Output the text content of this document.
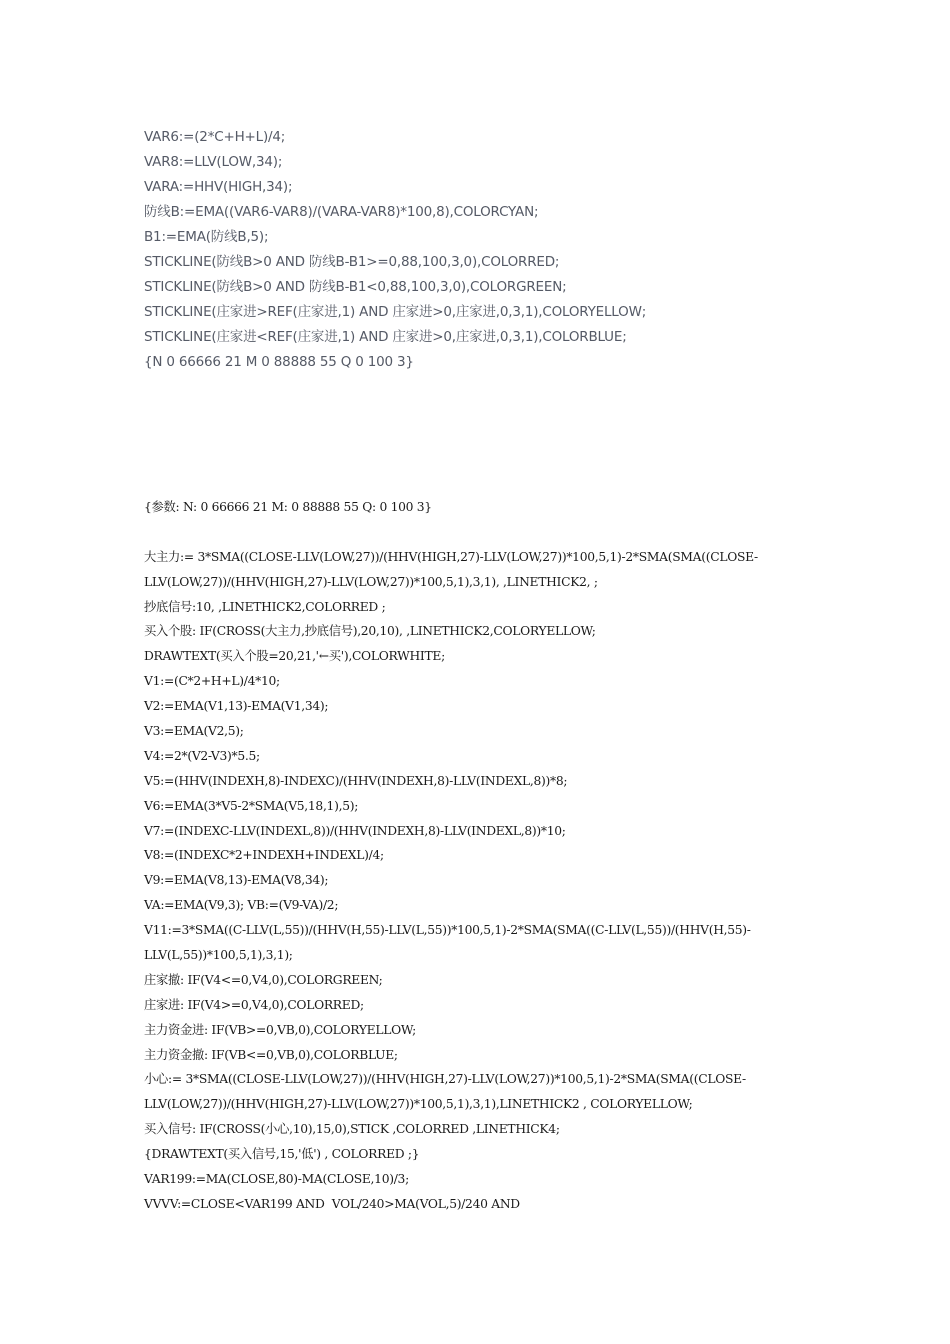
VAR6:=(2*C+H+L)/4;
VAR8:=LLV(LOW,34);
VARA:=HHV(HIGH,34);
防线B:=EMA((VAR6-VAR8)/(VARA-VAR8)*100,8),COLORCYAN;
B1:=EMA(防线B,5);
STICKLINE(防线B>0 AND 防线B-B1>=0,88,100,3,0),COLORRED;
STICKLINE(防线B>0 AND 防线B-B1<0,88,100,3,0),COLORGREEN;
STICKLINE(庄家进>REF(庄家进,1) AND 庄家进>0,庄家进,0,3,1),COLORYELLOW;
STICKLINE(庄家进<REF(庄家进,1) AND 庄家进>0,庄家进,0,3,1),COLORBLUE;
{N 0 66666 21 M 0 88888 55 Q 0 100 3}
{参数: N: 0 66666 21 M: 0 88888 55 Q: 0 100 3}
大主力:= 3*SMA((CLOSE-LLV(LOW,27))/(HHV(HIGH,27)-LLV(LOW,27))*100,5,1)-2*SMA(SMA((CLOSE-
LLV(LOW,27))/(HHV(HIGH,27)-LLV(LOW,27))*100,5,1),3,1), ,LINETHICK2, ;
抄底信号:10, ,LINETHICK2,COLORRED ;
买入个股: IF(CROSS(大主力,抄底信号),20,10), ,LINETHICK2,COLORYELLOW;
DRAWTEXT(买入个股=20,21,'←买'),COLORWHITE;
V1:=(C*2+H+L)/4*10;
V2:=EMA(V1,13)-EMA(V1,34);
V3:=EMA(V2,5);
V4:=2*(V2-V3)*5.5;
V5:=(HHV(INDEXH,8)-INDEXC)/(HHV(INDEXH,8)-LLV(INDEXL,8))*8;
V6:=EMA(3*V5-2*SMA(V5,18,1),5);
V7:=(INDEXC-LLV(INDEXL,8))/(HHV(INDEXH,8)-LLV(INDEXL,8))*10;
V8:=(INDEXC*2+INDEXH+INDEXL)/4;
V9:=EMA(V8,13)-EMA(V8,34);
VA:=EMA(V9,3); VB:=(V9-VA)/2;
V11:=3*SMA((C-LLV(L,55))/(HHV(H,55)-LLV(L,55))*100,5,1)-2*SMA(SMA((C-LLV(L,55))/(HHV(H,55)-
LLV(L,55))*100,5,1),3,1);
庄家撤: IF(V4<=0,V4,0),COLORGREEN;
庄家进: IF(V4>=0,V4,0),COLORRED;
主力资金进: IF(VB>=0,VB,0),COLORYELLOW;
主力资金撤: IF(VB<=0,VB,0),COLORBLUE;
小心:= 3*SMA((CLOSE-LLV(LOW,27))/(HHV(HIGH,27)-LLV(LOW,27))*100,5,1)-2*SMA(SMA((CLOSE-
LLV(LOW,27))/(HHV(HIGH,27)-LLV(LOW,27))*100,5,1),3,1),LINETHICK2 , COLORYELLOW;
买入信号: IF(CROSS(小心,10),15,0),STICK ,COLORRED ,LINETHICK4;
{DRAWTEXT(买入信号,15,'低') , COLORRED ;}
VAR199:=MA(CLOSE,80)-MA(CLOSE,10)/3;
VVVV:=CLOSE<VAR199 AND  VOL/240>MA(VOL,5)/240 AND
